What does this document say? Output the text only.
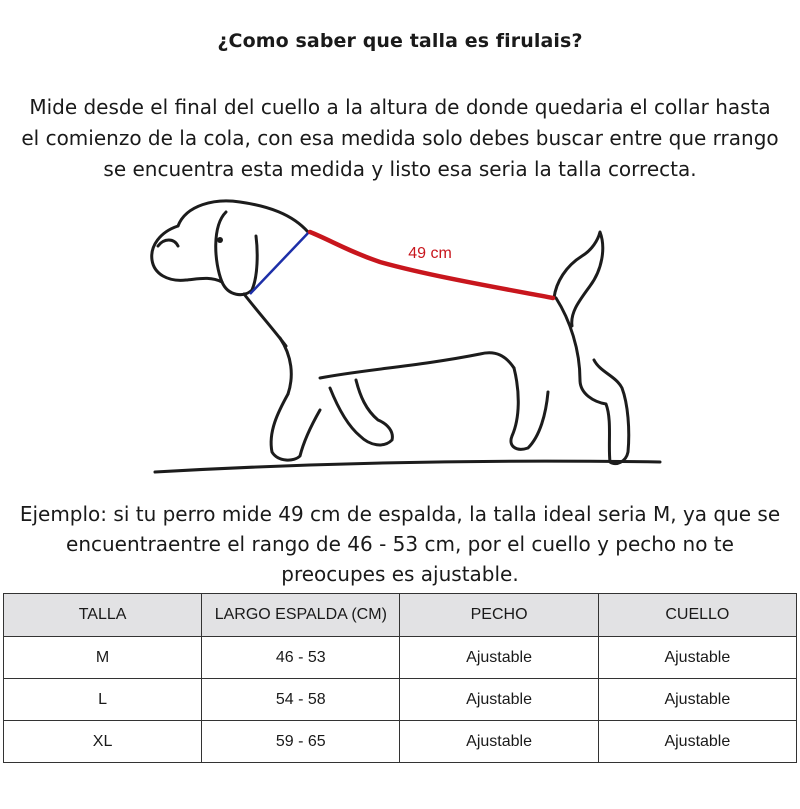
¿Como saber que talla es firulais?
Mide desde el final del cuello a la altura de donde quedaria el collar hasta
el comienzo de la cola, con esa medida solo debes buscar entre que rrango
se encuentra esta medida y listo esa seria la talla correcta.
49 cm
Ejemplo: si tu perro mide 49 cm de espalda, la talla ideal seria M, ya que se
encuentraentre el rango de 46 - 53 cm, por el cuello y pecho no te
preocupes es ajustable.
TALLA	LARGO ESPALDA (CM)	PECHO	CUELLO
M	46 - 53	Ajustable	Ajustable
L	54 - 58	Ajustable	Ajustable
XL	59 - 65	Ajustable	Ajustable
